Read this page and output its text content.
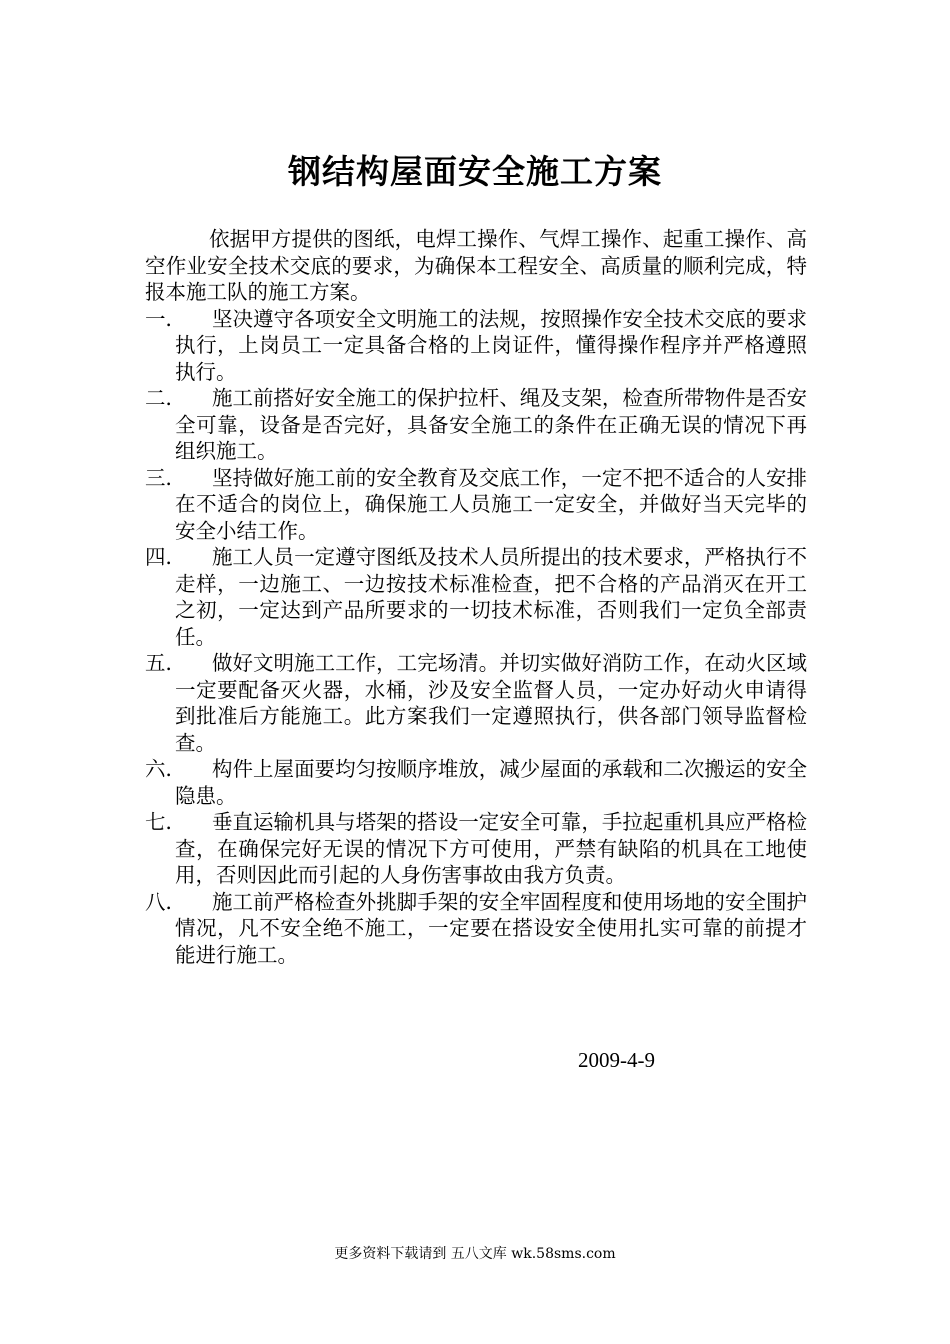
钢结构屋面安全施工方案

依据甲方提供的图纸，电焊工操作、气焊工操作、起重工操作、高空作业安全技术交底的要求，为确保本工程安全、高质量的顺利完成，特报本施工队的施工方案。

一．	坚决遵守各项安全文明施工的法规，按照操作安全技术交底的要求执行，上岗员工一定具备合格的上岗证件，懂得操作程序并严格遵照执行。
二．	施工前搭好安全施工的保护拉杆、绳及支架，检查所带物件是否安全可靠，设备是否完好，具备安全施工的条件在正确无误的情况下再组织施工。
三．	坚持做好施工前的安全教育及交底工作，一定不把不适合的人安排在不适合的岗位上，确保施工人员施工一定安全，并做好当天完毕的安全小结工作。
四．	施工人员一定遵守图纸及技术人员所提出的技术要求，严格执行不走样，一边施工、一边按技术标准检查，把不合格的产品消灭在开工之初，一定达到产品所要求的一切技术标准，否则我们一定负全部责任。
五．	做好文明施工工作，工完场清。并切实做好消防工作，在动火区域一定要配备灭火器，水桶，沙及安全监督人员，一定办好动火申请得到批准后方能施工。此方案我们一定遵照执行，供各部门领导监督检查。
六．	构件上屋面要均匀按顺序堆放，减少屋面的承载和二次搬运的安全隐患。
七．	垂直运输机具与塔架的搭设一定安全可靠，手拉起重机具应严格检查，在确保完好无误的情况下方可使用，严禁有缺陷的机具在工地使用，否则因此而引起的人身伤害事故由我方负责。
八．	施工前严格检查外挑脚手架的安全牢固程度和使用场地的安全围护情况，凡不安全绝不施工，一定要在搭设安全使用扎实可靠的前提才能进行施工。
2009-4-9
更多资料下载请到 五八文库 wk.58sms.com
